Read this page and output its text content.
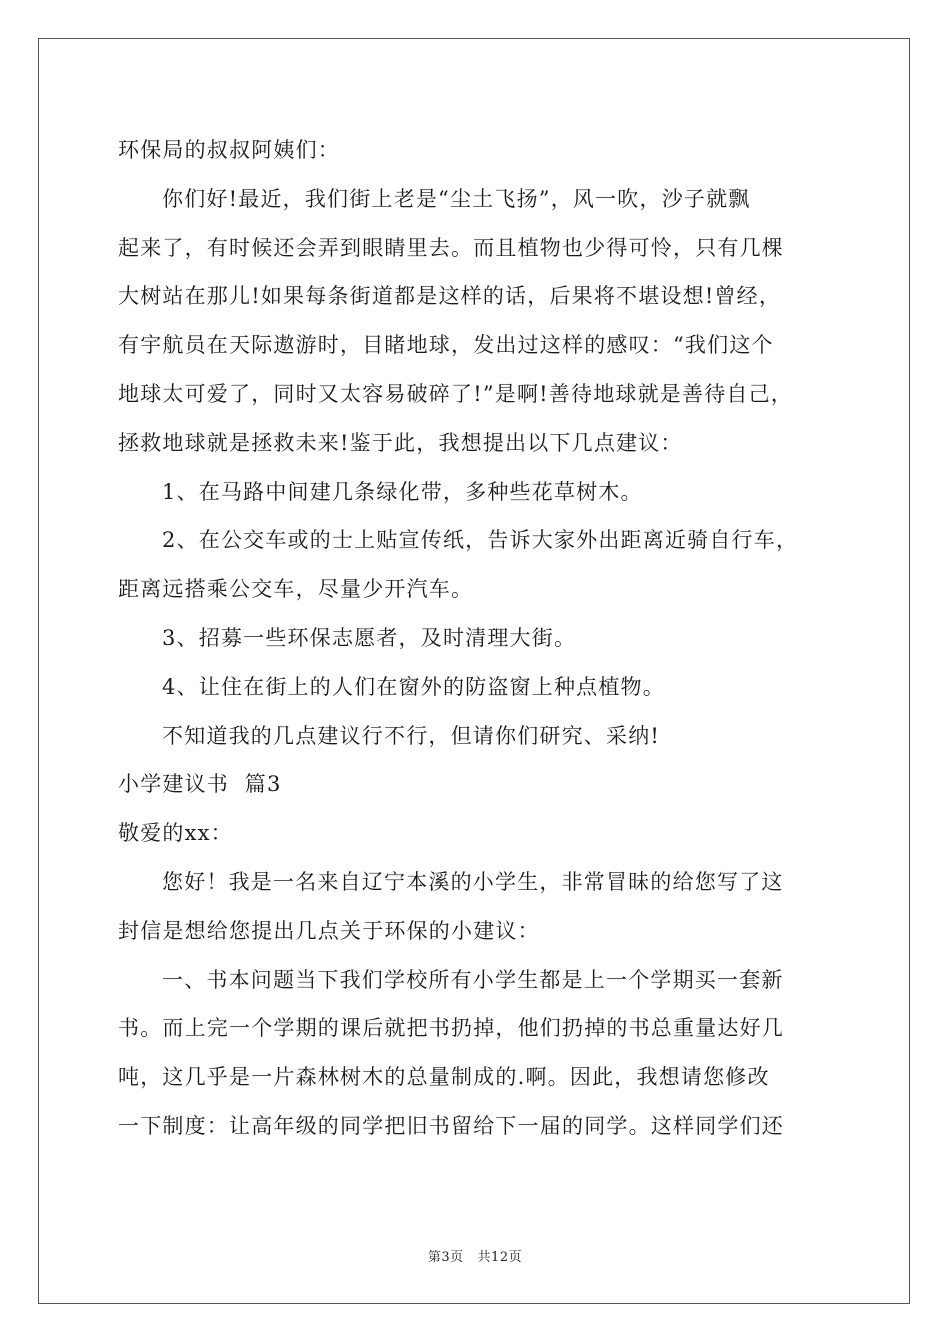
环保局的叔叔阿姨们：
你们好!最近，我们街上老是“尘土飞扬”，风一吹，沙子就飘
起来了，有时候还会弄到眼睛里去。而且植物也少得可怜，只有几棵
大树站在那儿!如果每条街道都是这样的话，后果将不堪设想!曾经，
有宇航员在天际遨游时，目睹地球，发出过这样的感叹：“我们这个
地球太可爱了，同时又太容易破碎了!”是啊!善待地球就是善待自己，
拯救地球就是拯救未来!鉴于此，我想提出以下几点建议：
1、在马路中间建几条绿化带，多种些花草树木。
2、在公交车或的士上贴宣传纸，告诉大家外出距离近骑自行车，
距离远搭乘公交车，尽量少开汽车。
3、招募一些环保志愿者，及时清理大街。
4、让住在街上的人们在窗外的防盗窗上种点植物。
不知道我的几点建议行不行，但请你们研究、采纳!
小学建议书  篇3
敬爱的xx：
您好！我是一名来自辽宁本溪的小学生，非常冒昧的给您写了这
封信是想给您提出几点关于环保的小建议：
一、书本问题当下我们学校所有小学生都是上一个学期买一套新
书。而上完一个学期的课后就把书扔掉，他们扔掉的书总重量达好几
吨，这几乎是一片森林树木的总量制成的.啊。因此，我想请您修改
一下制度：让高年级的同学把旧书留给下一届的同学。这样同学们还
第3页   共12页
